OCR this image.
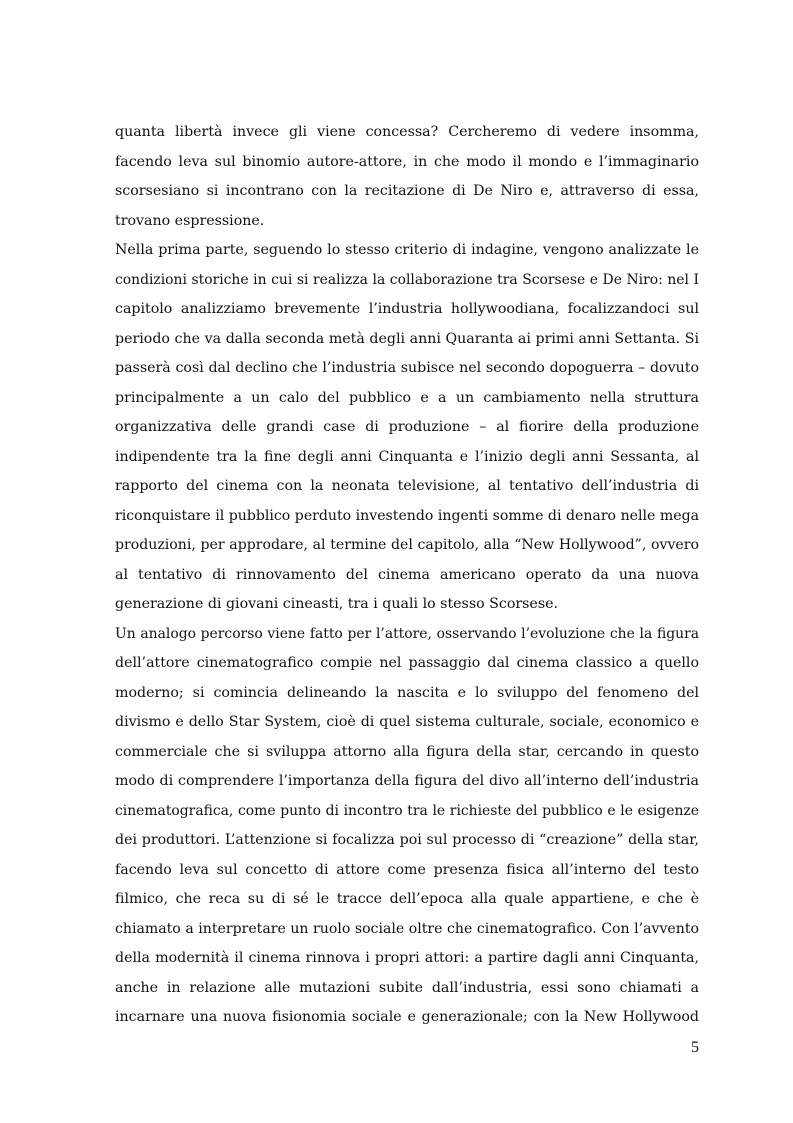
quanta libertà invece gli viene concessa? Cercheremo di vedere insomma,
facendo leva sul binomio autore-attore, in che modo il mondo e l’immaginario
scorsesiano si incontrano con la recitazione di De Niro e, attraverso di essa,
trovano espressione.
Nella prima parte, seguendo lo stesso criterio di indagine, vengono analizzate le
condizioni storiche in cui si realizza la collaborazione tra Scorsese e De Niro: nel I
capitolo analizziamo brevemente l’industria hollywoodiana, focalizzandoci sul
periodo che va dalla seconda metà degli anni Quaranta ai primi anni Settanta. Si
passerà così dal declino che l’industria subisce nel secondo dopoguerra – dovuto
principalmente a un calo del pubblico e a un cambiamento nella struttura
organizzativa delle grandi case di produzione – al fiorire della produzione
indipendente tra la fine degli anni Cinquanta e l’inizio degli anni Sessanta, al
rapporto del cinema con la neonata televisione, al tentativo dell’industria di
riconquistare il pubblico perduto investendo ingenti somme di denaro nelle mega
produzioni, per approdare, al termine del capitolo, alla “New Hollywood”, ovvero
al tentativo di rinnovamento del cinema americano operato da una nuova
generazione di giovani cineasti, tra i quali lo stesso Scorsese.
Un analogo percorso viene fatto per l’attore, osservando l’evoluzione che la figura
dell’attore cinematografico compie nel passaggio dal cinema classico a quello
moderno; si comincia delineando la nascita e lo sviluppo del fenomeno del
divismo e dello Star System, cioè di quel sistema culturale, sociale, economico e
commerciale che si sviluppa attorno alla figura della star, cercando in questo
modo di comprendere l’importanza della figura del divo all’interno dell’industria
cinematografica, come punto di incontro tra le richieste del pubblico e le esigenze
dei produttori. L’attenzione si focalizza poi sul processo di “creazione” della star,
facendo leva sul concetto di attore come presenza fisica all’interno del testo
filmico, che reca su di sé le tracce dell’epoca alla quale appartiene, e che è
chiamato a interpretare un ruolo sociale oltre che cinematografico. Con l’avvento
della modernità il cinema rinnova i propri attori: a partire dagli anni Cinquanta,
anche in relazione alle mutazioni subite dall’industria, essi sono chiamati a
incarnare una nuova fisionomia sociale e generazionale; con la New Hollywood
5
